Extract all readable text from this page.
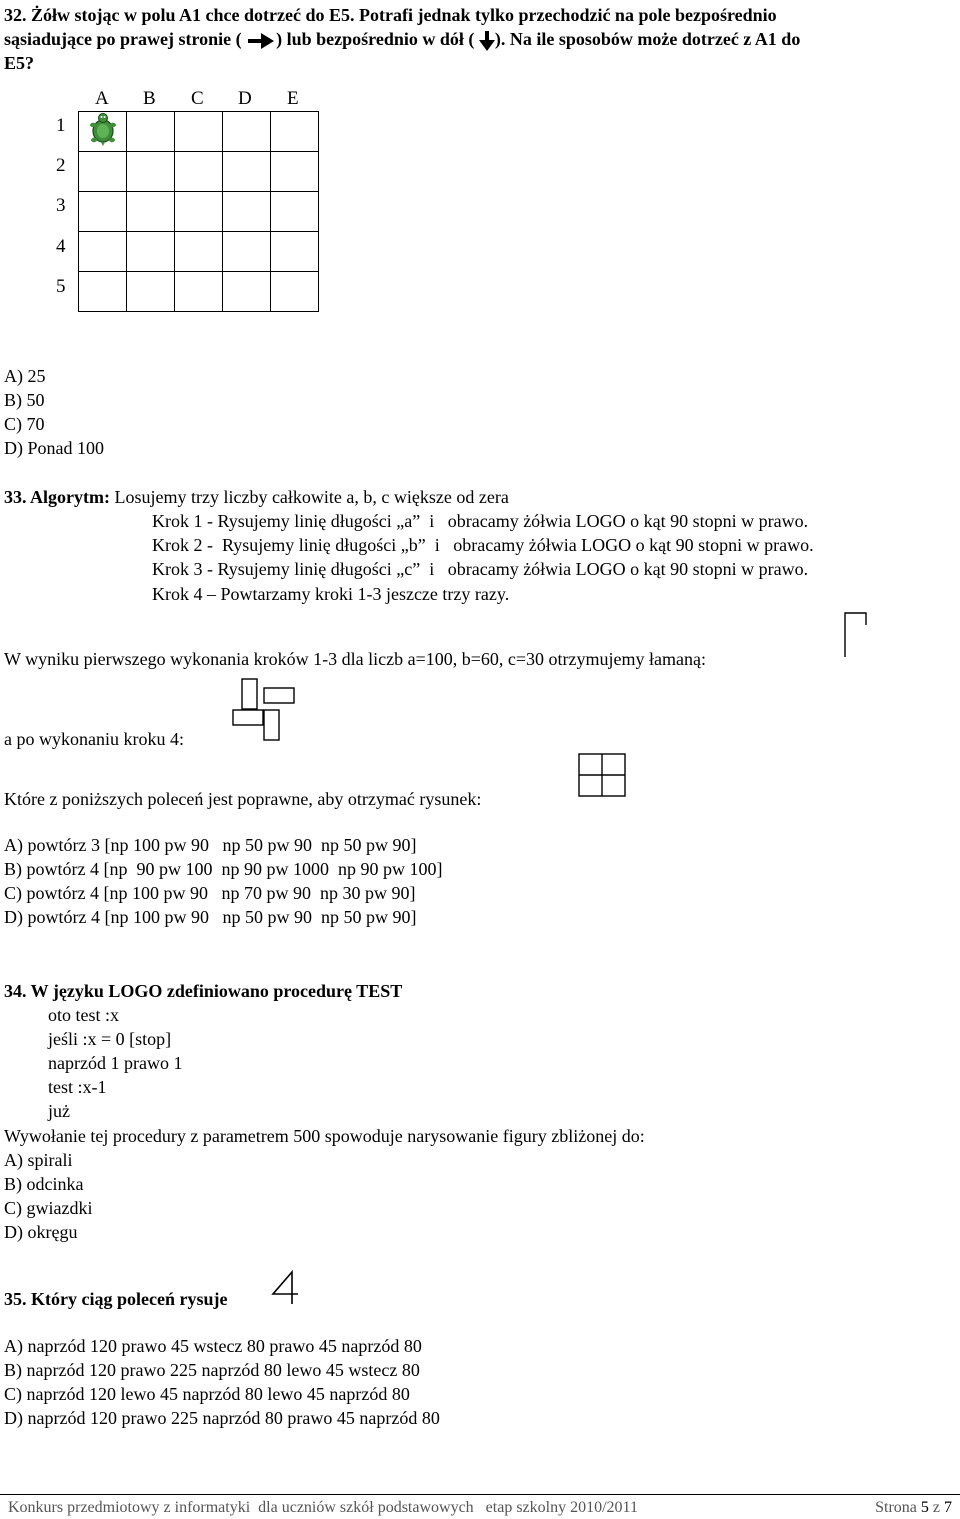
32. Żółw stojąc w polu A1 chce dotrzeć do E5. Potrafi jednak tylko przechodzić na pole bezpośrednio
sąsiadujące po prawej stronie ( ) lub bezpośrednio w dół ( ). Na ile sposobów może dotrzeć z A1 do
E5?
A B C D E
1
2
3
4
5

A) 25
B) 50
C) 70
D) Ponad 100
33. Algorytm: Losujemy trzy liczby całkowite a, b, c większe od zera
Krok 1 - Rysujemy linię długości „a”  i   obracamy żółwia LOGO o kąt 90 stopni w prawo.
Krok 2 -  Rysujemy linię długości „b”  i   obracamy żółwia LOGO o kąt 90 stopni w prawo.
Krok 3 - Rysujemy linię długości „c”  i   obracamy żółwia LOGO o kąt 90 stopni w prawo.
Krok 4 – Powtarzamy kroki 1-3 jeszcze trzy razy.
W wyniku pierwszego wykonania kroków 1-3 dla liczb a=100, b=60, c=30 otrzymujemy łamaną:
a po wykonaniu kroku 4:
Które z poniższych poleceń jest poprawne, aby otrzymać rysunek:
A) powtórz 3 [np 100 pw 90   np 50 pw 90  np 50 pw 90]
B) powtórz 4 [np  90 pw 100  np 90 pw 1000  np 90 pw 100]
C) powtórz 4 [np 100 pw 90   np 70 pw 90  np 30 pw 90]
D) powtórz 4 [np 100 pw 90   np 50 pw 90  np 50 pw 90]
34. W języku LOGO zdefiniowano procedurę TEST
oto test :x
jeśli :x = 0 [stop]
naprzód 1 prawo 1
test :x-1
już
Wywołanie tej procedury z parametrem 500 spowoduje narysowanie figury zbliżonej do:
A) spirali
B) odcinka
C) gwiazdki
D) okręgu
35. Który ciąg poleceń rysuje
A) naprzód 120 prawo 45 wstecz 80 prawo 45 naprzód 80
B) naprzód 120 prawo 225 naprzód 80 lewo 45 wstecz 80
C) naprzód 120 lewo 45 naprzód 80 lewo 45 naprzód 80
D) naprzód 120 prawo 225 naprzód 80 prawo 45 naprzód 80
Konkurs przedmiotowy z informatyki  dla uczniów szkół podstawowych   etap szkolny 2010/2011	Strona 5 z 7
